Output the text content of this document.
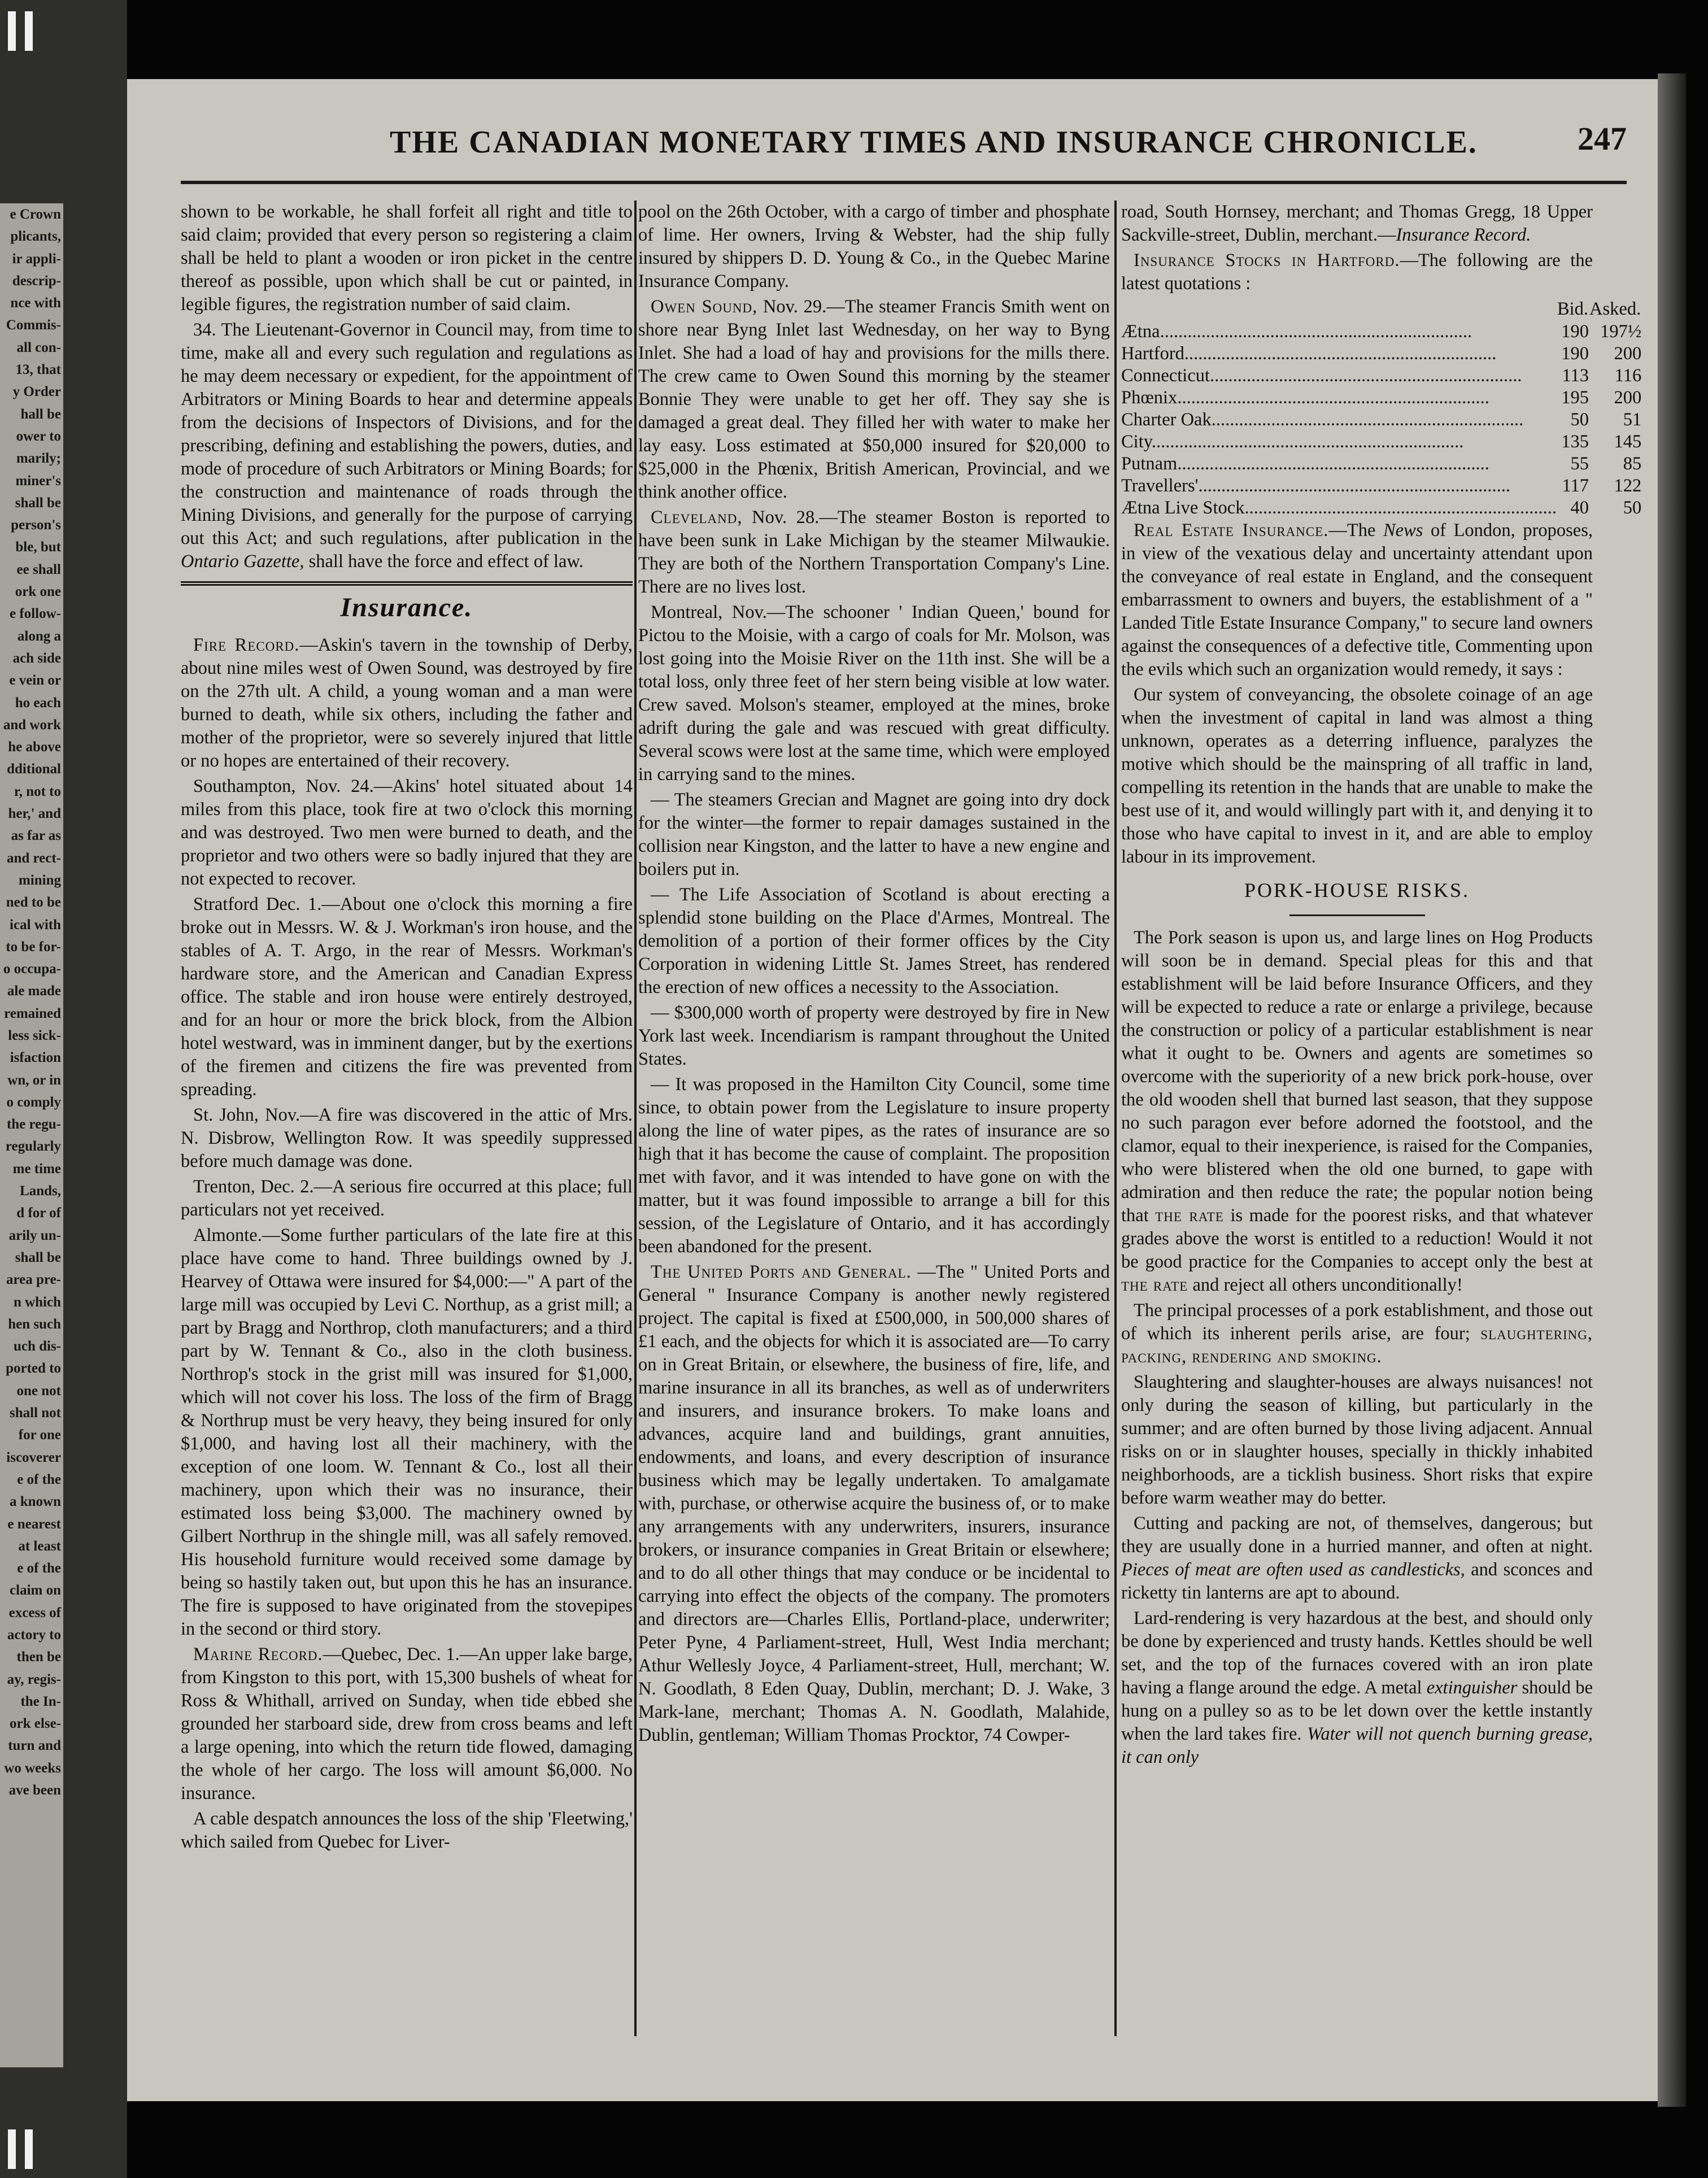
e Crown
plicants,
ir appli-
descrip-
nce with
Commis-
all con-
13, that
y Order
hall be
ower to
marily;
miner's
shall be
person's
ble, but
ee shall
ork one
e follow-
along a
ach side
e vein or
ho each
and work
he above
dditional
r, not to
her,' and
as far as
and rect-
mining
ned to be
ical with
to be for-
o occupa-
ale made
remained
less sick-
isfaction
wn, or in
o comply
the regu-
regularly
me time
Lands,
d for of
arily un-
shall be
area pre-
n which
hen such
uch dis-
ported to
one not
shall not
for one
iscoverer
e of the
a known
e nearest
at least
e of the
claim on
excess of
actory to
then be
ay, regis-
the In-
ork else-
turn and
wo weeks
ave been
THE CANADIAN MONETARY TIMES AND INSURANCE CHRONICLE.	247

shown to be workable, he shall forfeit all right and title to said claim; provided that every person so registering a claim shall be held to plant a wooden or iron picket in the centre thereof as possible, upon which shall be cut or painted, in legible figures, the registration number of said claim.

34. The Lieutenant-Governor in Council may, from time to time, make all and every such regulation and regulations as he may deem necessary or expedient, for the appointment of Arbitrators or Mining Boards to hear and determine appeals from the decisions of Inspectors of Divisions, and for the prescribing, defining and establishing the powers, duties, and mode of procedure of such Arbitrators or Mining Boards; for the construction and maintenance of roads through the Mining Divisions, and generally for the purpose of carrying out this Act; and such regulations, after publication in the Ontario Gazette, shall have the force and effect of law.

Insurance.

Fire Record.—Askin's tavern in the township of Derby, about nine miles west of Owen Sound, was destroyed by fire on the 27th ult. A child, a young woman and a man were burned to death, while six others, including the father and mother of the proprietor, were so severely injured that little or no hopes are entertained of their recovery.

Southampton, Nov. 24.—Akins' hotel situated about 14 miles from this place, took fire at two o'clock this morning and was destroyed. Two men were burned to death, and the proprietor and two others were so badly injured that they are not expected to recover.

Stratford Dec. 1.—About one o'clock this morning a fire broke out in Messrs. W. & J. Workman's iron house, and the stables of A. T. Argo, in the rear of Messrs. Workman's hardware store, and the American and Canadian Express office. The stable and iron house were entirely destroyed, and for an hour or more the brick block, from the Albion hotel westward, was in imminent danger, but by the exertions of the firemen and citizens the fire was prevented from spreading.

St. John, Nov.—A fire was discovered in the attic of Mrs. N. Disbrow, Wellington Row. It was speedily suppressed before much damage was done.

Trenton, Dec. 2.—A serious fire occurred at this place; full particulars not yet received.

Almonte.—Some further particulars of the late fire at this place have come to hand. Three buildings owned by J. Hearvey of Ottawa were insured for $4,000:—" A part of the large mill was occupied by Levi C. Northup, as a grist mill; a part by Bragg and Northrop, cloth manufacturers; and a third part by W. Tennant & Co., also in the cloth business. Northrop's stock in the grist mill was insured for $1,000, which will not cover his loss. The loss of the firm of Bragg & Northrup must be very heavy, they being insured for only $1,000, and having lost all their machinery, with the exception of one loom. W. Tennant & Co., lost all their machinery, upon which their was no insurance, their estimated loss being $3,000. The machinery owned by Gilbert Northrup in the shingle mill, was all safely removed. His household furniture would received some damage by being so hastily taken out, but upon this he has an insurance. The fire is supposed to have originated from the stovepipes in the second or third story.

Marine Record.—Quebec, Dec. 1.—An upper lake barge, from Kingston to this port, with 15,300 bushels of wheat for Ross & Whithall, arrived on Sunday, when tide ebbed she grounded her starboard side, drew from cross beams and left a large opening, into which the return tide flowed, damaging the whole of her cargo. The loss will amount $6,000. No insurance.

A cable despatch announces the loss of the ship 'Fleetwing,' which sailed from Quebec for Liver-

pool on the 26th October, with a cargo of timber and phosphate of lime. Her owners, Irving & Webster, had the ship fully insured by shippers D. D. Young & Co., in the Quebec Marine Insurance Company.

Owen Sound, Nov. 29.—The steamer Francis Smith went on shore near Byng Inlet last Wednesday, on her way to Byng Inlet. She had a load of hay and provisions for the mills there. The crew came to Owen Sound this morning by the steamer Bonnie They were unable to get her off. They say she is damaged a great deal. They filled her with water to make her lay easy. Loss estimated at $50,000 insured for $20,000 to $25,000 in the Phœnix, British American, Provincial, and we think another office.

Cleveland, Nov. 28.—The steamer Boston is reported to have been sunk in Lake Michigan by the steamer Milwaukie. They are both of the Northern Transportation Company's Line. There are no lives lost.

Montreal, Nov.—The schooner ' Indian Queen,' bound for Pictou to the Moisie, with a cargo of coals for Mr. Molson, was lost going into the Moisie River on the 11th inst. She will be a total loss, only three feet of her stern being visible at low water. Crew saved. Molson's steamer, employed at the mines, broke adrift during the gale and was rescued with great difficulty. Several scows were lost at the same time, which were employed in carrying sand to the mines.

— The steamers Grecian and Magnet are going into dry dock for the winter—the former to repair damages sustained in the collision near Kingston, and the latter to have a new engine and boilers put in.

— The Life Association of Scotland is about erecting a splendid stone building on the Place d'Armes, Montreal. The demolition of a portion of their former offices by the City Corporation in widening Little St. James Street, has rendered the erection of new offices a necessity to the Association.

— $300,000 worth of property were destroyed by fire in New York last week. Incendiarism is rampant throughout the United States.

— It was proposed in the Hamilton City Council, some time since, to obtain power from the Legislature to insure property along the line of water pipes, as the rates of insurance are so high that it has become the cause of complaint. The proposition met with favor, and it was intended to have gone on with the matter, but it was found impossible to arrange a bill for this session, of the Legislature of Ontario, and it has accordingly been abandoned for the present.

The United Ports and General. —The " United Ports and General " Insurance Company is another newly registered project. The capital is fixed at £500,000, in 500,000 shares of £1 each, and the objects for which it is associated are—To carry on in Great Britain, or elsewhere, the business of fire, life, and marine insurance in all its branches, as well as of underwriters and insurers, and insurance brokers. To make loans and advances, acquire land and buildings, grant annuities, endowments, and loans, and every description of insurance business which may be legally undertaken. To amalgamate with, purchase, or otherwise acquire the business of, or to make any arrangements with any underwriters, insurers, insurance brokers, or insurance companies in Great Britain or elsewhere; and to do all other things that may conduce or be incidental to carrying into effect the objects of the company. The promoters and directors are—Charles Ellis, Portland-place, underwriter; Peter Pyne, 4 Parliament-street, Hull, West India merchant; Athur Wellesly Joyce, 4 Parliament-street, Hull, merchant; W. N. Goodlath, 8 Eden Quay, Dublin, merchant; D. J. Wake, 3 Mark-lane, merchant; Thomas A. N. Goodlath, Malahide, Dublin, gentleman; William Thomas Procktor, 74 Cowper-

road, South Hornsey, merchant; and Thomas Gregg, 18 Upper Sackville-street, Dublin, merchant.—Insurance Record.

Insurance Stocks in Hartford.—The following are the latest quotations :

	Bid.	Asked.
Ætna....................................................................	190	197½
Hartford....................................................................	190	200
Connecticut....................................................................	113	116
Phœnix....................................................................	195	200
Charter Oak....................................................................	50	51
City....................................................................	135	145
Putnam....................................................................	55	85
Travellers'....................................................................	117	122
Ætna Live Stock....................................................................	40	50

Real Estate Insurance.—The News of London, proposes, in view of the vexatious delay and uncertainty attendant upon the conveyance of real estate in England, and the consequent embarrassment to owners and buyers, the establishment of a " Landed Title Estate Insurance Company," to secure land owners against the consequences of a defective title, Commenting upon the evils which such an organization would remedy, it says :

Our system of conveyancing, the obsolete coinage of an age when the investment of capital in land was almost a thing unknown, operates as a deterring influence, paralyzes the motive which should be the mainspring of all traffic in land, compelling its retention in the hands that are unable to make the best use of it, and would willingly part with it, and denying it to those who have capital to invest in it, and are able to employ labour in its improvement.

PORK-HOUSE RISKS.

The Pork season is upon us, and large lines on Hog Products will soon be in demand. Special pleas for this and that establishment will be laid before Insurance Officers, and they will be expected to reduce a rate or enlarge a privilege, because the construction or policy of a particular establishment is near what it ought to be. Owners and agents are sometimes so overcome with the superiority of a new brick pork-house, over the old wooden shell that burned last season, that they suppose no such paragon ever before adorned the footstool, and the clamor, equal to their inexperience, is raised for the Companies, who were blistered when the old one burned, to gape with admiration and then reduce the rate; the popular notion being that the rate is made for the poorest risks, and that whatever grades above the worst is entitled to a reduction! Would it not be good practice for the Companies to accept only the best at the rate and reject all others unconditionally!

The principal processes of a pork establishment, and those out of which its inherent perils arise, are four; slaughtering, packing, rendering and smoking.

Slaughtering and slaughter-houses are always nuisances! not only during the season of killing, but particularly in the summer; and are often burned by those living adjacent. Annual risks on or in slaughter houses, specially in thickly inhabited neighborhoods, are a ticklish business. Short risks that expire before warm weather may do better.

Cutting and packing are not, of themselves, dangerous; but they are usually done in a hurried manner, and often at night. Pieces of meat are often used as candlesticks, and sconces and ricketty tin lanterns are apt to abound.

Lard-rendering is very hazardous at the best, and should only be done by experienced and trusty hands. Kettles should be well set, and the top of the furnaces covered with an iron plate having a flange around the edge. A metal extinguisher should be hung on a pulley so as to be let down over the kettle instantly when the lard takes fire. Water will not quench burning grease, it can only
